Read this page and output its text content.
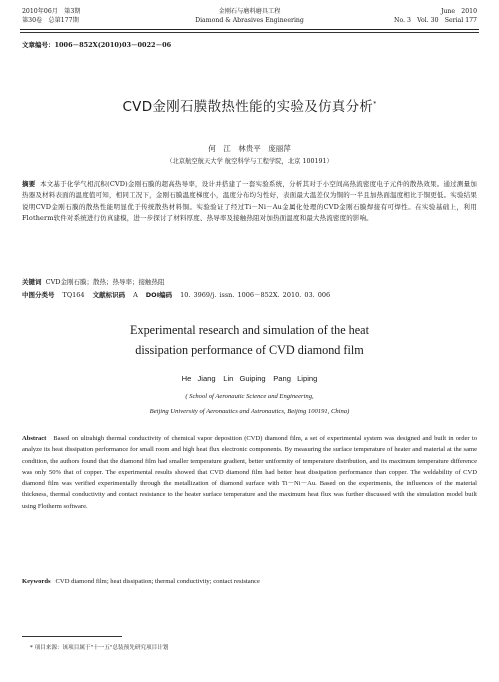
2010年06月　第3期
第30卷　总第177期
金刚石与磨料磨具工程
Diamond & Abrasives Engineering
June　2010
No. 3　Vol. 30　Serial 177
文章编号：1006－852X(2010)03－0022－06
CVD金刚石膜散热性能的实验及仿真分析*
何　江　林贵平　庞丽萍
（北京航空航天大学 航空科学与工程学院，北京 100191）
摘要 本文基于化学气相沉积(CVD)金刚石膜的超高热导率，设计并搭建了一套实验系统，分析其对于小空间高热流密度电子元件的散热效果。通过测量加热器及材料表面的温度值可知，相同工况下，金刚石膜温度梯度小，温度分布均匀性好，表面最大温差仅为铜的一半且加热面温度相比于铜更低。实验结果说明CVD金刚石膜的散热性能明显优于传统散热材料铜。实验验证了经过Ti－Ni－Au金属化处理的CVD金刚石膜焊接有可焊性。在实验基础上，利用Flotherm软件对系统进行仿真建模，进一步探讨了材料厚度、热导率及接触热阻对加热面温度和最大热流密度的影响。
关键词 CVD金刚石膜；散热；热导率；接触热阻
中图分类号 TQ164 文献标识码 A DOI编码 10. 3969/j. issn. 1006－852X. 2010. 03. 006
Experimental research and simulation of the heat
dissipation performance of CVD diamond film
He Jiang　Lin Guiping　Pang Liping
( School of Aeronautic Science and Engineering,
Beijing University of Aeronautics and Astronautics, Beijing 100191, China)
Abstract Based on ultrahigh thermal conductivity of chemical vapor deposition (CVD) diamond film, a set of experimental system was designed and built in order to analyze its heat dissipation performance for small room and high heat flux electronic components. By measuring the surface temperature of heater and material at the same condition, the authors found that the diamond film had smaller temperature gradient, better uniformity of temperature distribution, and its maximum temperature difference was only 50% that of copper. The experimental results showed that CVD diamond film had better heat dissipation performance than copper. The weldability of CVD diamond film was verified experimentally through the metallization of diamond surface with Ti－Ni－Au. Based on the experiments, the influences of the material thickness, thermal conductivity and contact resistance to the heater surface temperature and the maximum heat flux was further discussed with the simulation model built using Flotherm software.
Keywords CVD diamond film; heat dissipation; thermal conductivity; contact resistance
* 项目来源：该项目属于"十一五"总装预先研究项目计划
